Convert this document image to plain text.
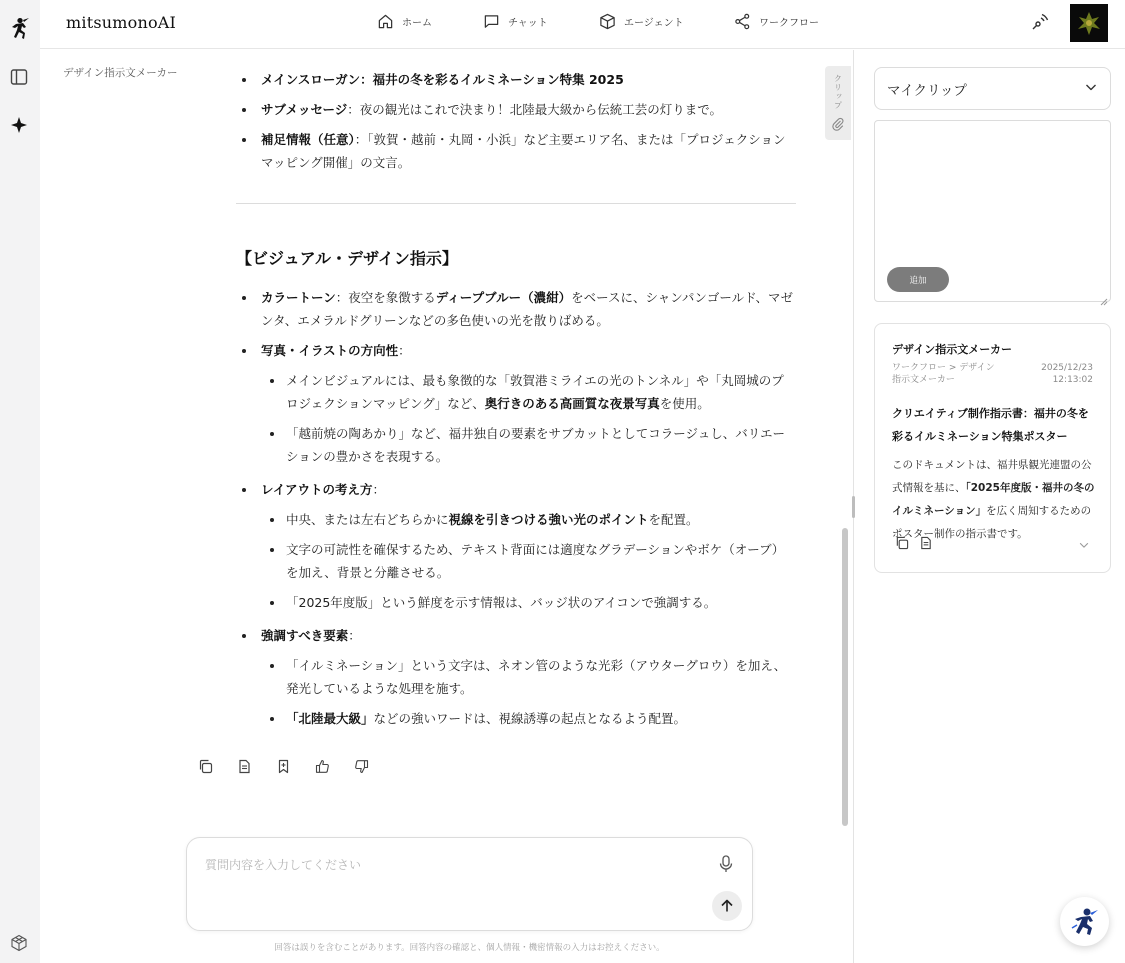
mitsumonoAI	ホーム	チャット	エージェント	ワークフロー
デザイン指示文メーカー	メインスローガン：福井の冬を彩るイルミネーション特集 2025
サブメッセージ：夜の観光はこれで決まり！北陸最大級から伝統工芸の灯りまで。
補足情報（任意）：「敦賀・越前・丸岡・小浜」など主要エリア名、または「プロジェクションマッピング開催」の文言。
【ビジュアル・デザイン指示】
カラートーン：夜空を象徴するディープブルー（濃紺）をベースに、シャンパンゴールド、マゼンタ、エメラルドグリーンなどの多色使いの光を散りばめる。
写真・イラストの方向性：
メインビジュアルには、最も象徴的な「敦賀港ミライエの光のトンネル」や「丸岡城のプロジェクションマッピング」など、奥行きのある高画質な夜景写真を使用。
「越前焼の陶あかり」など、福井独自の要素をサブカットとしてコラージュし、バリエーションの豊かさを表現する。
レイアウトの考え方：
中央、または左右どちらかに視線を引きつける強い光のポイントを配置。
文字の可読性を確保するため、テキスト背面には適度なグラデーションやボケ（オーブ）を加え、背景と分離させる。
「2025年度版」という鮮度を示す情報は、バッジ状のアイコンで強調する。
強調すべき要素：
「イルミネーション」という文字は、ネオン管のような光彩（アウターグロウ）を加え、発光しているような処理を施す。
「北陸最大級」などの強いワードは、視線誘導の起点となるよう配置。
クリップ
質問内容を入力してください
回答は誤りを含むことがあります。回答内容の確認と、個人情報・機密情報の入力はお控えください。
マイクリップ
追加
デザイン指示文メーカー
ワークフロー > デザイン指示文メーカー
2025/12/23 12:13:02
クリエイティブ制作指示書：福井の冬を彩るイルミネーション特集ポスター
このドキュメントは、福井県観光連盟の公式情報を基に、「2025年度版・福井の冬のイルミネーション」を広く周知するためのポスター制作の指示書です。
